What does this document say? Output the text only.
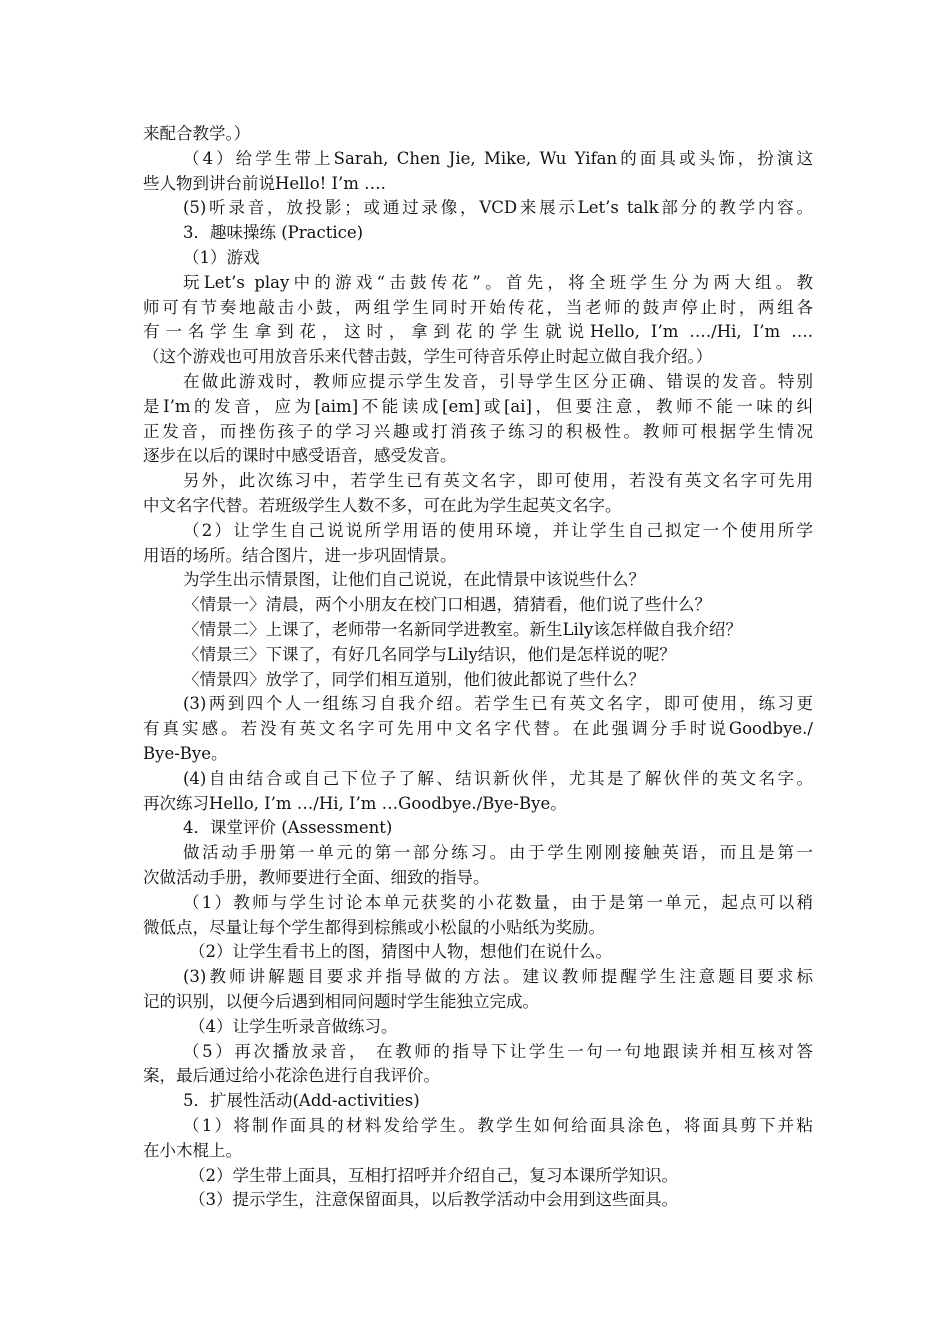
来配合教学。）
（4）给学生带上Sarah, Chen Jie, Mike, Wu Yifan的面具或头饰，扮演这
些人物到讲台前说Hello! I’m ….
(5)听录音，放投影；或通过录像，VCD来展示Let’s talk部分的教学内容。
3．趣味操练 (Practice)
（1）游戏
玩Let’s play中的游戏“击鼓传花”。首先，将全班学生分为两大组。教
师可有节奏地敲击小鼓，两组学生同时开始传花，当老师的鼓声停止时，两组各
有一名学生拿到花，这时，拿到花的学生就说Hello, I’m ….∕Hi, I’m ….
（这个游戏也可用放音乐来代替击鼓，学生可待音乐停止时起立做自我介绍。）
在做此游戏时，教师应提示学生发音，引导学生区分正确、错误的发音。特别
是I’m的发音，应为[aim]不能读成[em]或[ai]，但要注意，教师不能一味的纠
正发音，而挫伤孩子的学习兴趣或打消孩子练习的积极性。教师可根据学生情况
逐步在以后的课时中感受语音，感受发音。
另外，此次练习中，若学生已有英文名字，即可使用，若没有英文名字可先用
中文名字代替。若班级学生人数不多，可在此为学生起英文名字。
（2）让学生自己说说所学用语的使用环境，并让学生自己拟定一个使用所学
用语的场所。结合图片，进一步巩固情景。
为学生出示情景图，让他们自己说说，在此情景中该说些什么？
〈情景一〉清晨，两个小朋友在校门口相遇，猜猜看，他们说了些什么？
〈情景二〉上课了，老师带一名新同学进教室。新生Lily该怎样做自我介绍？
〈情景三〉下课了，有好几名同学与Lily结识，他们是怎样说的呢？
〈情景四〉放学了，同学们相互道别，他们彼此都说了些什么？
(3)两到四个人一组练习自我介绍。若学生已有英文名字，即可使用，练习更
有真实感。若没有英文名字可先用中文名字代替。在此强调分手时说Goodbye.∕
Bye-Bye。
(4)自由结合或自己下位子了解、结识新伙伴，尤其是了解伙伴的英文名字。
再次练习Hello, I’m …∕Hi, I’m …Goodbye.∕Bye-Bye。
4．课堂评价 (Assessment)
做活动手册第一单元的第一部分练习。由于学生刚刚接触英语，而且是第一
次做活动手册，教师要进行全面、细致的指导。
（1）教师与学生讨论本单元获奖的小花数量，由于是第一单元，起点可以稍
微低点，尽量让每个学生都得到棕熊或小松鼠的小贴纸为奖励。
（2）让学生看书上的图，猜图中人物，想他们在说什么。
(3)教师讲解题目要求并指导做的方法。建议教师提醒学生注意题目要求标
记的识别，以便今后遇到相同问题时学生能独立完成。
（4）让学生听录音做练习。
（5）再次播放录音， 在教师的指导下让学生一句一句地跟读并相互核对答
案，最后通过给小花涂色进行自我评价。
5．扩展性活动(Add-activities)
（1）将制作面具的材料发给学生。教学生如何给面具涂色，将面具剪下并粘
在小木棍上。
（2）学生带上面具，互相打招呼并介绍自己，复习本课所学知识。
（3）提示学生，注意保留面具，以后教学活动中会用到这些面具。
